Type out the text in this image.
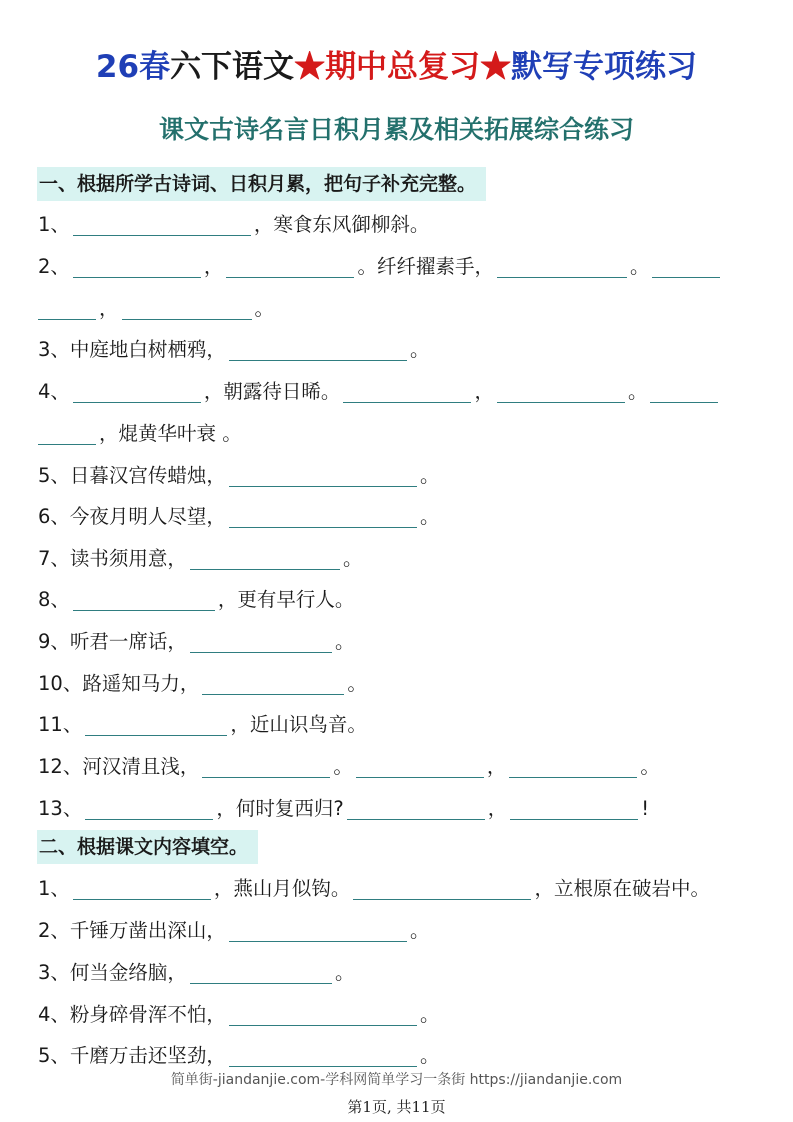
26春六下语文★期中总复习★默写专项练习
课文古诗名言日积月累及相关拓展综合练习
一、根据所学古诗词、日积月累，把句子补充完整。
1、	，寒食东风御柳斜。
2、	，	。纤纤擢素手，	。
，	。
3、中庭地白树栖鸦，	。
4、	，朝露待日晞。	，	。
，焜黄华叶衰 。
5、日暮汉宫传蜡烛，	。
6、今夜月明人尽望，	。
7、读书须用意，	。
8、	，更有早行人。
9、听君一席话，	。
10、路遥知马力，	。
11、	，近山识鸟音。
12、河汉清且浅，	。	，	。
13、	，何时复西归?	，	!
二、根据课文内容填空。
1、	，燕山月似钩。	，立根原在破岩中。
2、千锤万凿出深山，	。
3、何当金络脑，	。
4、粉身碎骨浑不怕，	。
5、千磨万击还坚劲，	。
简单街-jiandanjie.com-学科网简单学习一条街 https://jiandanjie.com
第1页, 共11页
